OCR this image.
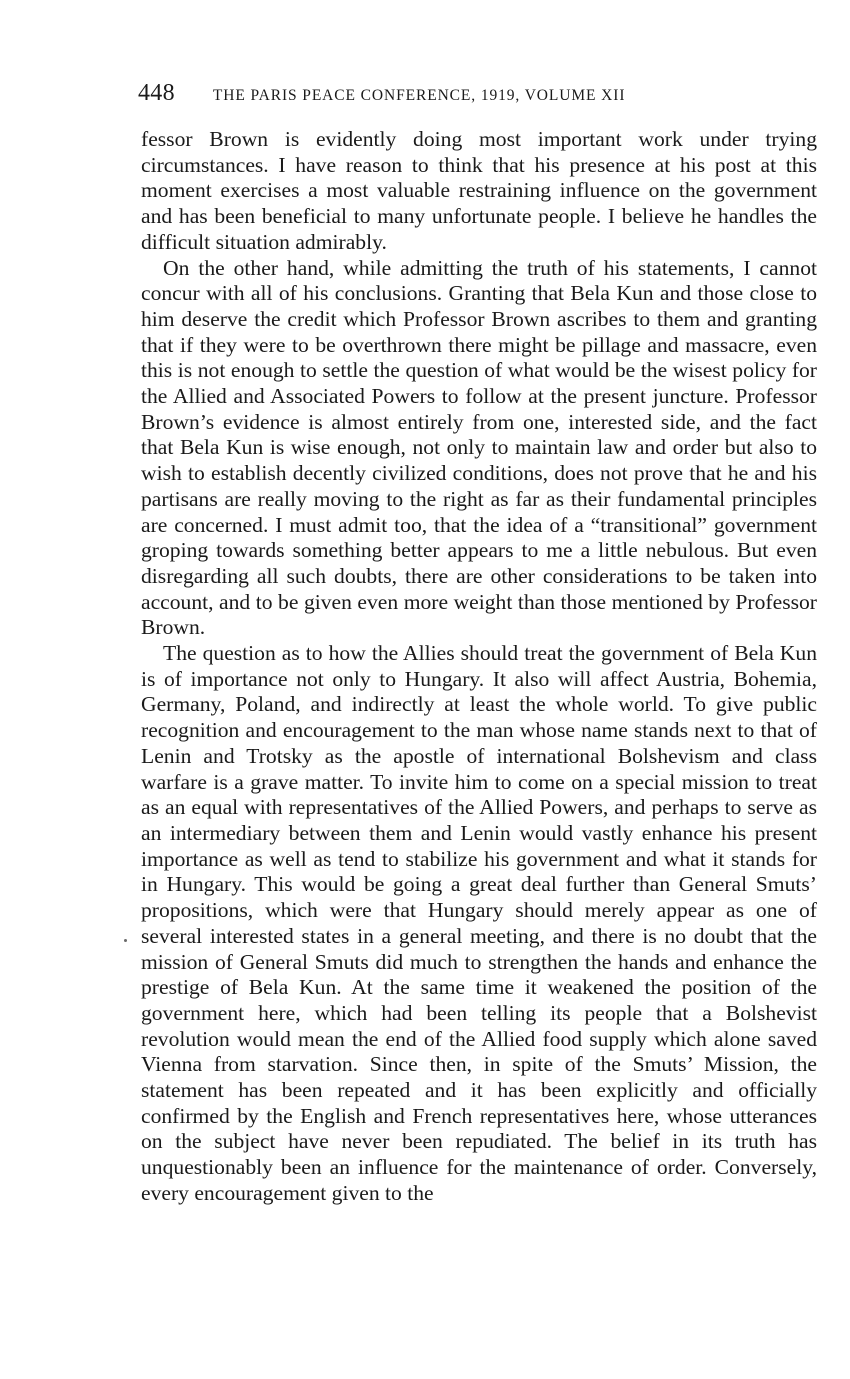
448 THE PARIS PEACE CONFERENCE, 1919, VOLUME XII

fessor Brown is evidently doing most important work under trying circumstances. I have reason to think that his presence at his post at this moment exercises a most valuable restraining influence on the government and has been beneficial to many unfortunate people. I believe he handles the difficult situation admirably.

On the other hand, while admitting the truth of his statements, I cannot concur with all of his conclusions. Granting that Bela Kun and those close to him deserve the credit which Professor Brown ascribes to them and granting that if they were to be overthrown there might be pillage and massacre, even this is not enough to settle the question of what would be the wisest policy for the Allied and Associated Powers to follow at the present juncture. Professor Brown’s evidence is almost entirely from one, interested side, and the fact that Bela Kun is wise enough, not only to maintain law and order but also to wish to establish decently civilized conditions, does not prove that he and his partisans are really moving to the right as far as their fundamental principles are concerned. I must admit too, that the idea of a “transitional” government groping towards something better appears to me a little nebulous. But even disregarding all such doubts, there are other considerations to be taken into account, and to be given even more weight than those mentioned by Professor Brown.

The question as to how the Allies should treat the government of Bela Kun is of importance not only to Hungary. It also will affect Austria, Bohemia, Germany, Poland, and indirectly at least the whole world. To give public recognition and encouragement to the man whose name stands next to that of Lenin and Trotsky as the apostle of international Bolshevism and class warfare is a grave matter. To invite him to come on a special mission to treat as an equal with representatives of the Allied Powers, and perhaps to serve as an intermediary between them and Lenin would vastly enhance his present importance as well as tend to stabilize his government and what it stands for in Hungary. This would be going a great deal further than General Smuts’ propositions, which were that Hungary should merely appear as one of several interested states in a general meeting, and there is no doubt that the mission of General Smuts did much to strengthen the hands and enhance the prestige of Bela Kun. At the same time it weakened the position of the government here, which had been telling its people that a Bolshevist revolution would mean the end of the Allied food supply which alone saved Vienna from starvation. Since then, in spite of the Smuts’ Mission, the statement has been repeated and it has been explicitly and officially confirmed by the English and French representatives here, whose utterances on the subject have never been repudiated. The belief in its truth has unquestionably been an influence for the maintenance of order. Conversely, every encouragement given to the
